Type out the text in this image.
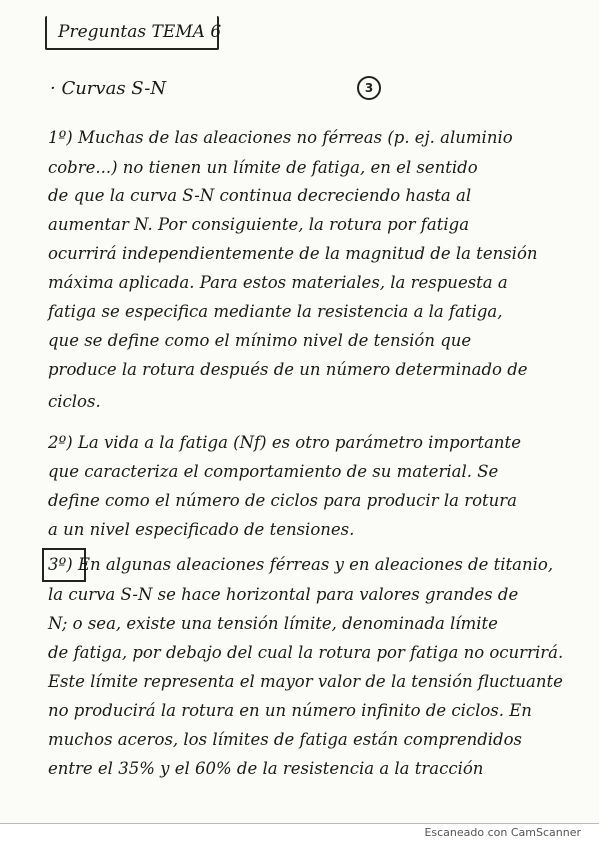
Preguntas TEMA 6
· Curvas S-N	3
1º) Muchas de las aleaciones no férreas (p. ej. aluminio
cobre...) no tienen un límite de fatiga, en el sentido
de que la curva S-N continua decreciendo hasta al
aumentar N. Por consiguiente, la rotura por fatiga
ocurrirá independientemente de la magnitud de la tensión
máxima aplicada. Para estos materiales, la respuesta a
fatiga se especifica mediante la resistencia a la fatiga,
que se define como el mínimo nivel de tensión que
produce la rotura después de un número determinado de
ciclos.
2º) La vida a la fatiga (Nf) es otro parámetro importante
que caracteriza el comportamiento de su material. Se
define como el número de ciclos para producir la rotura
a un nivel especificado de tensiones.
3º) En algunas aleaciones férreas y en aleaciones de titanio,
la curva S-N se hace horizontal para valores grandes de
N; o sea, existe una tensión límite, denominada límite
de fatiga, por debajo del cual la rotura por fatiga no ocurrirá.
Este límite representa el mayor valor de la tensión fluctuante
no producirá la rotura en un número infinito de ciclos. En
muchos aceros, los límites de fatiga están comprendidos
entre el 35% y el 60% de la resistencia a la tracción
Escaneado con CamScanner
